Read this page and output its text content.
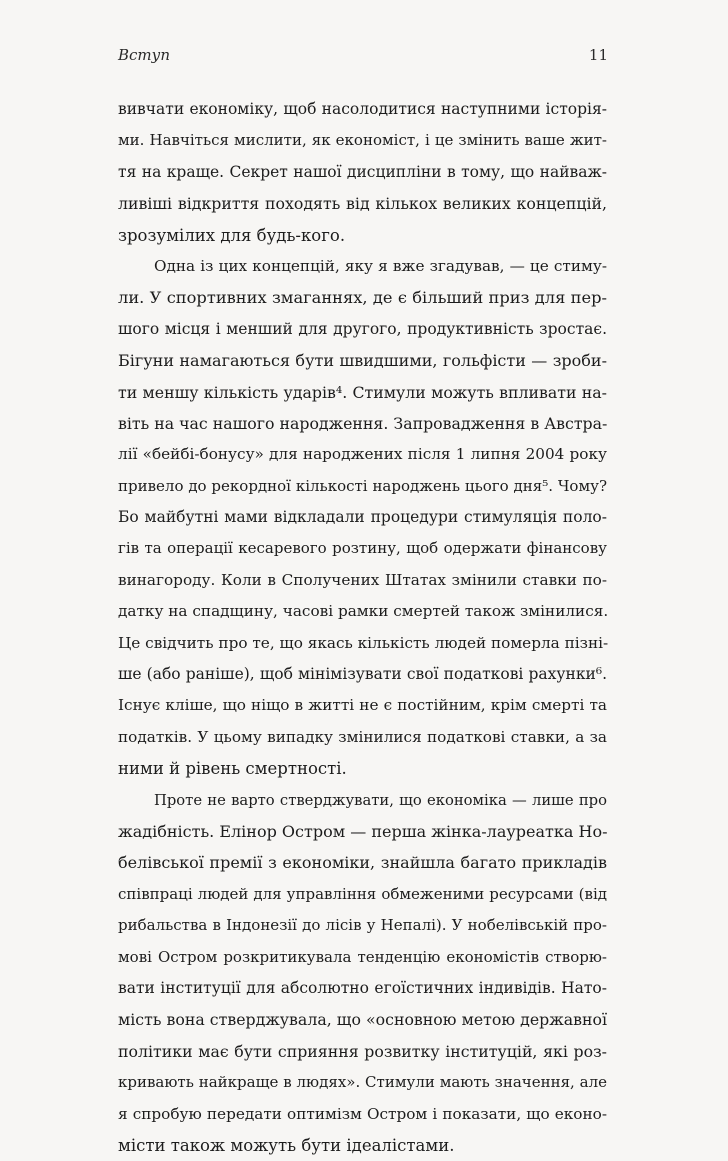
Вступ	11
вивчати економіку, щоб насолодитися наступними історія-
ми. Навчіться мислити, як економіст, і це змінить ваше жит-
тя на краще. Секрет нашої дисципліни в тому, що найваж-
ливіші відкриття походять від кількох великих концепцій,
зрозумілих для будь-кого.
Одна із цих концепцій, яку я вже згадував, — це стиму-
ли. У спортивних змаганнях, де є більший приз для пер-
шого місця і менший для другого, продуктивність зростає.
Бігуни намагаються бути швидшими, гольфісти — зроби-
ти меншу кількість ударів⁴. Стимули можуть впливати на-
віть на час нашого народження. Запровадження в Австра-
лії «бейбі-бонусу» для народжених після 1 липня 2004 року
привело до рекордної кількості народжень цього дня⁵. Чому?
Бо майбутні мами відкладали процедури стимуляція поло-
гів та операції кесаревого розтину, щоб одержати фінансову
винагороду. Коли в Сполучених Штатах змінили ставки по-
датку на спадщину, часові рамки смертей також змінилися.
Це свідчить про те, що якась кількість людей померла пізні-
ше (або раніше), щоб мінімізувати свої податкові рахунки⁶.
Існує кліше, що ніщо в житті не є постійним, крім смерті та
податків. У цьому випадку змінилися податкові ставки, а за
ними й рівень смертності.
Проте не варто стверджувати, що економіка — лише про
жадібність. Елінор Остром — перша жінка-лауреатка Но-
белівської премії з економіки, знайшла багато прикладів
співпраці людей для управління обмеженими ресурсами (від
рибальства в Індонезії до лісів у Непалі). У нобелівській про-
мові Остром розкритикувала тенденцію економістів створю-
вати інституції для абсолютно егоїстичних індивідів. Нато-
мість вона стверджувала, що «основною метою державної
політики має бути сприяння розвитку інституцій, які роз-
кривають найкраще в людях». Стимули мають значення, але
я спробую передати оптимізм Остром і показати, що еконо-
місти також можуть бути ідеалістами.
